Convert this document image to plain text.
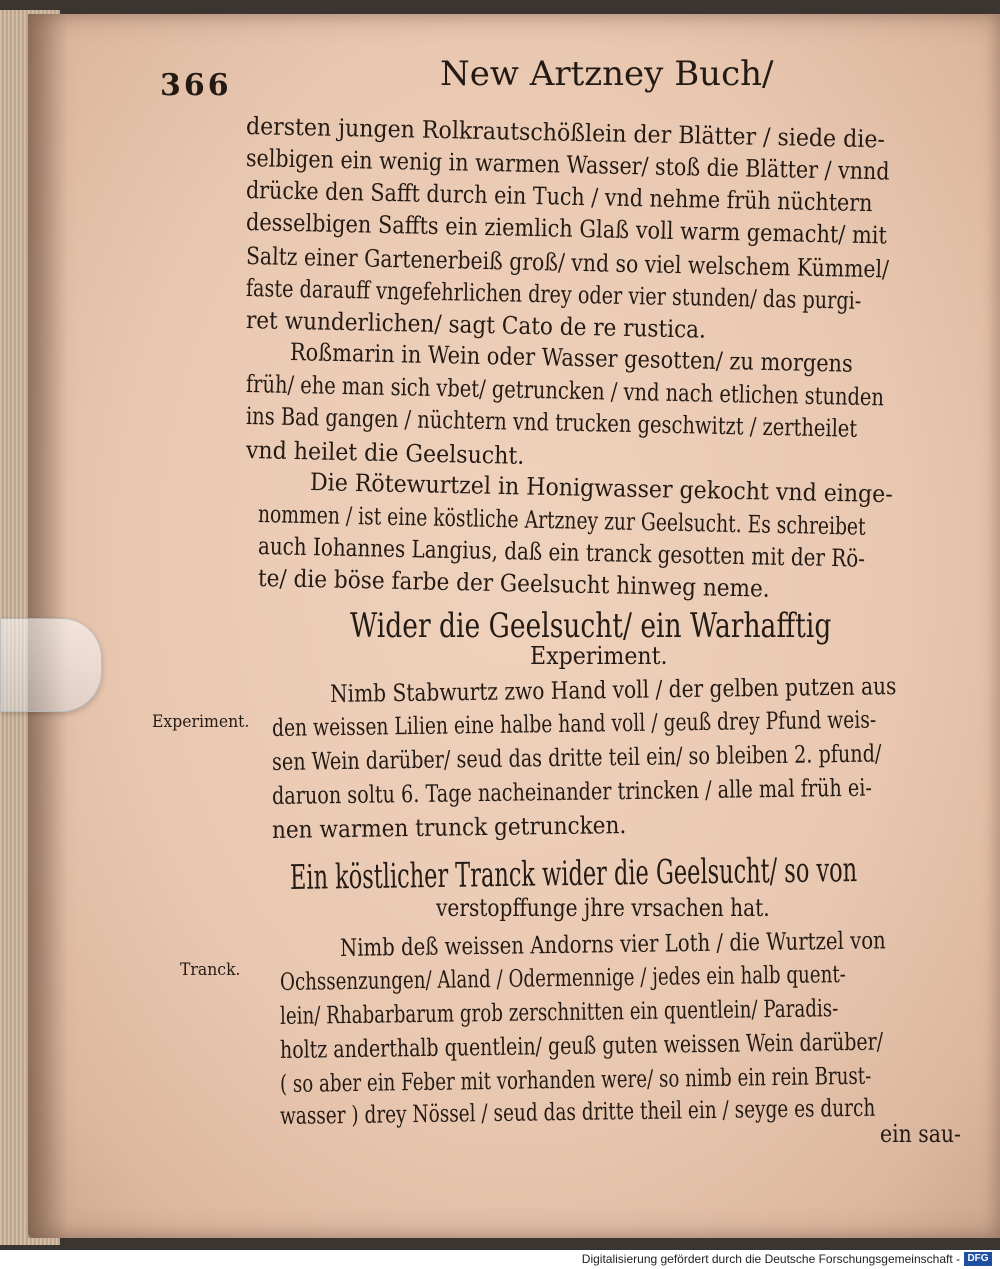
366	New Artzney Buch/
dersten jungen Rolkrautschößlein der Blätter / siede die-
selbigen ein wenig in warmen Wasser/ stoß die Blätter / vnnd
drücke den Safft durch ein Tuch / vnd nehme früh nüchtern
desselbigen Saffts ein ziemlich Glaß voll warm gemacht/ mit
Saltz einer Gartenerbeiß groß/ vnd so viel welschem Kümmel/
faste darauff vngefehrlichen drey oder vier stunden/ das purgi-
ret wunderlichen/ sagt Cato de re rustica.
Roßmarin in Wein oder Wasser gesotten/ zu morgens
früh/ ehe man sich vbet/ getruncken / vnd nach etlichen stunden
ins Bad gangen / nüchtern vnd trucken geschwitzt / zertheilet
vnd heilet die Geelsucht.
Die Rötewurtzel in Honigwasser gekocht vnd einge-
nommen / ist eine köstliche Artzney zur Geelsucht. Es schreibet
auch Iohannes Langius, daß ein tranck gesotten mit der Rö-
te/ die böse farbe der Geelsucht hinweg neme.
Wider die Geelsucht/ ein Warhafftig
Experiment.
Experiment.
Nimb Stabwurtz zwo Hand voll / der gelben putzen aus
den weissen Lilien eine halbe hand voll / geuß drey Pfund weis-
sen Wein darüber/ seud das dritte teil ein/ so bleiben 2. pfund/
daruon soltu 6. Tage nacheinander trincken / alle mal früh ei-
nen warmen trunck getruncken.
Ein köstlicher Tranck wider die Geelsucht/ so von
verstopffunge jhre vrsachen hat.
Tranck.
Nimb deß weissen Andorns vier Loth / die Wurtzel von
Ochssenzungen/ Aland / Odermennige / jedes ein halb quent-
lein/ Rhabarbarum grob zerschnitten ein quentlein/ Paradis-
holtz anderthalb quentlein/ geuß guten weissen Wein darüber/
( so aber ein Feber mit vorhanden were/ so nimb ein rein Brust-
wasser ) drey Nössel / seud das dritte theil ein / seyge es durch
ein sau-
Digitalisierung gefördert durch die Deutsche Forschungsgemeinschaft - DFG
